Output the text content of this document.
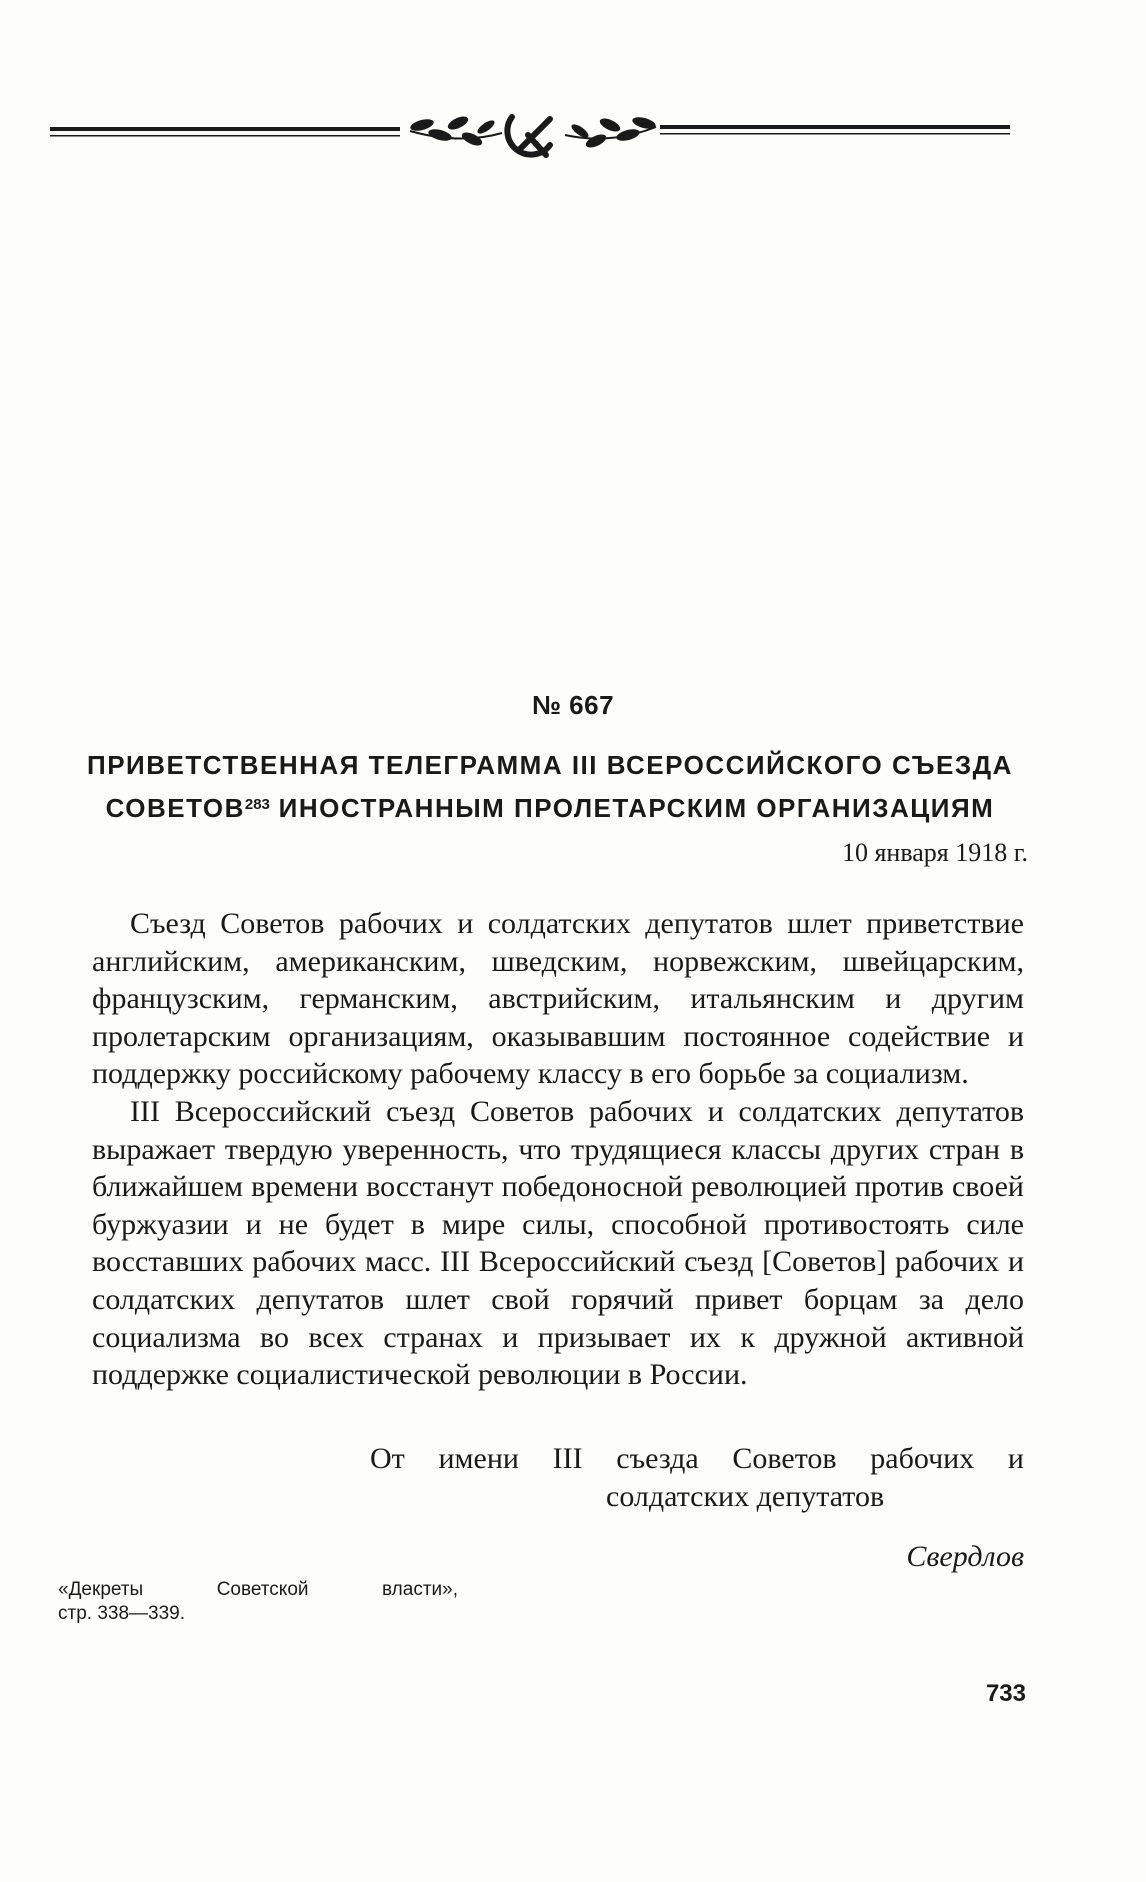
№ 667
ПРИВЕТСТВЕННАЯ ТЕЛЕГРАММА III ВСЕРОССИЙСКОГО СЪЕЗДА
СОВЕТОВ$^{283}$ ИНОСТРАННЫМ ПРОЛЕТАРСКИМ ОРГАНИЗАЦИЯМ
10 января 1918 г.

Съезд Советов рабочих и солдатских депутатов шлет приветствие английским, американским, шведским, норвежским, швейцарским, французским, германским, австрийским, итальянским и другим пролетарским организациям, оказывавшим постоянное содействие и поддержку российскому рабочему классу в его борьбе за социализм.

III Всероссийский съезд Советов рабочих и солдатских депутатов выражает твердую уверенность, что трудящиеся классы других стран в ближайшем времени восстанут победоносной революцией против своей буржуазии и не будет в мире силы, способной противостоять силе восставших рабочих масс. III Всероссийский съезд [Советов] рабочих и солдатских депутатов шлет свой горячий привет борцам за дело социализма во всех странах и призывает их к дружной активной поддержке социалистической революции в России.

От имени III съезда Советов рабочих и
солдатских депутатов
Свердлов
«Декреты Советской власти»,
стр. 338—339.
733
